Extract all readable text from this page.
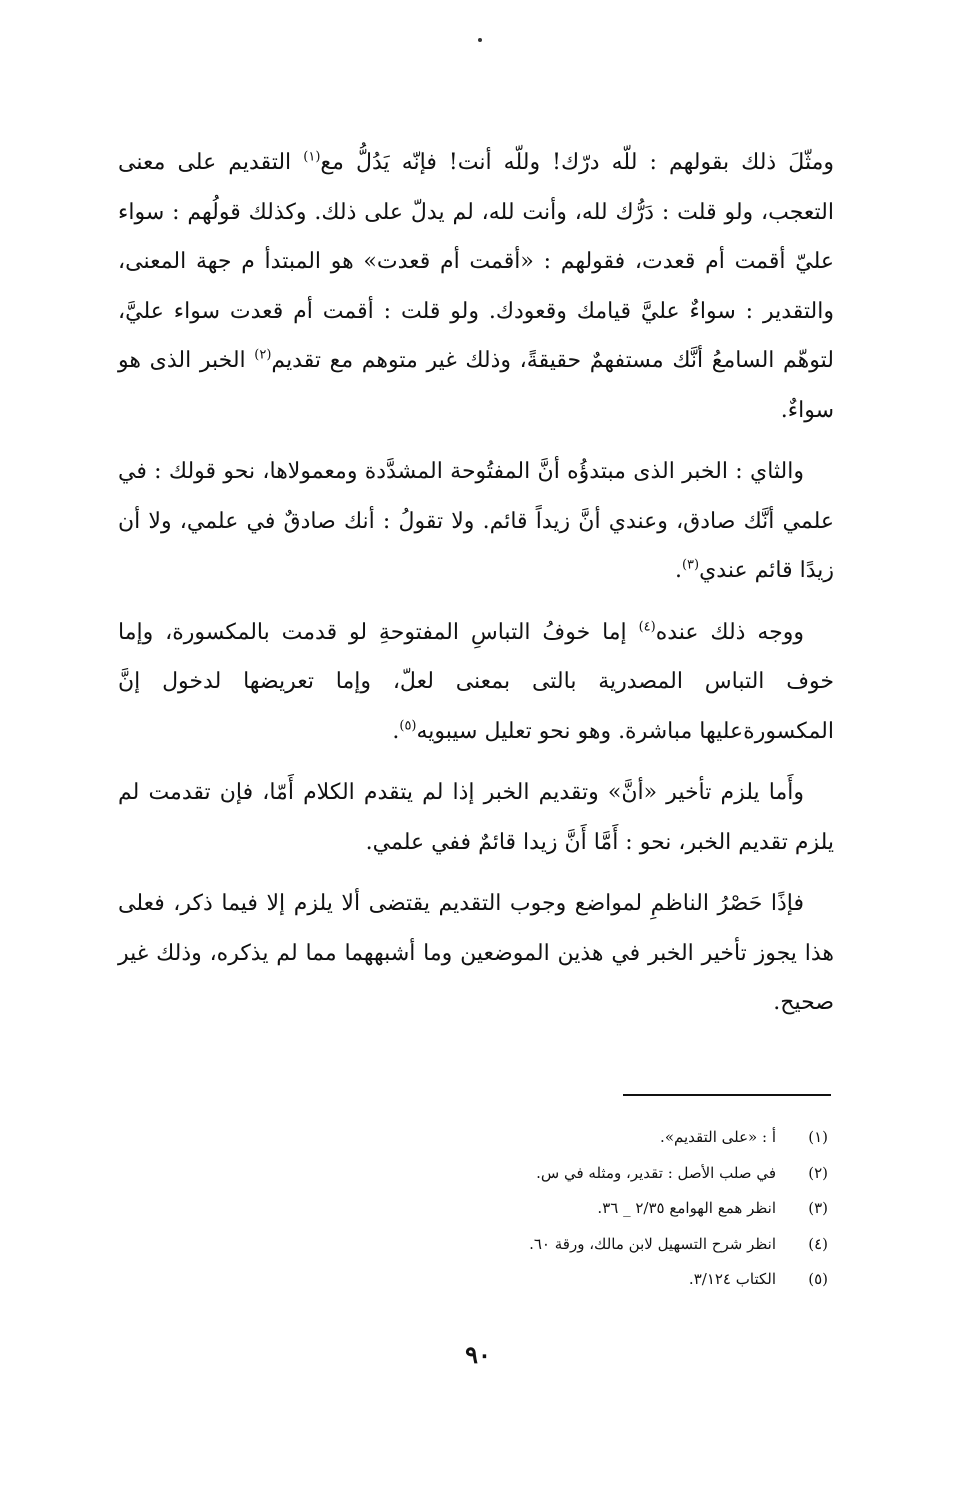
ومثّلَ ذلك بقولهم : للّه درّك! وللّه أنت! فإنّه يَدُلُّ مع$^{(١)}$ التقديم على معنى التعجب، ولو قلت : دَرُّك لله، وأنت لله، لم يدلّ على ذلك. وكذلك قولُهم : سواء عليّ أقمت أم قعدت، فقولهم : «أقمت أم قعدت» هو المبتدأ م جهة المعنى، والتقدير : سواءٌ عليَّ قيامك وقعودك. ولو قلت : أقمت أم قعدت سواء عليَّ، لتوهّم السامعُ أنَّك مستفهمٌ حقيقةً، وذلك غير متوهم مع تقديم$^{(٢)}$ الخبر الذى هو سواءٌ.

والثاي : الخبر الذى مبتدؤُه أنَّ المفتُوحة المشدَّدة ومعمولاها، نحو قولك : في علمي أنَّك صادق، وعندي أنَّ زيداً قائم. ولا تقولُ : أنك صادقٌ في علمي، ولا أن زيدًا قائم عندي$^{(٣)}$.

ووجه ذلك عنده$^{(٤)}$ إما خوفُ التباسِ المفتوحةِ لو قدمت بالمكسورة، وإما خوف التباس المصدرية بالتى بمعنى لعلّ، وإما تعريضها لدخول إنَّ المكسورةعليها مباشرة. وهو نحو تعليل سيبويه$^{(٥)}$.

وأَما يلزم تأخير «أنَّ» وتقديم الخبر إذا لم يتقدم الكلام أَمّا، فإن تقدمت لم يلزم تقديم الخبر، نحو : أَمَّا أَنَّ زيدا قائمٌ ففي علمي.

فإذًا حَصْرُ الناظمِ لمواضع وجوب التقديم يقتضى ألا يلزم إلا فيما ذكر، فعلى هذا يجوز تأخير الخبر في هذين الموضعين وما أشبههما مما لم يذكره، وذلك غير صحيح.

(١)
أ : «على التقديم».
(٢)
في صلب الأصل : تقدير، ومثله في س.
(٣)
انظر همع الهوامع ٢/٣٥ _ ٣٦.
(٤)
انظر شرح التسهيل لابن مالك، ورقة ٦٠.
(٥)
الكتاب ٣/١٢٤.
٩٠
